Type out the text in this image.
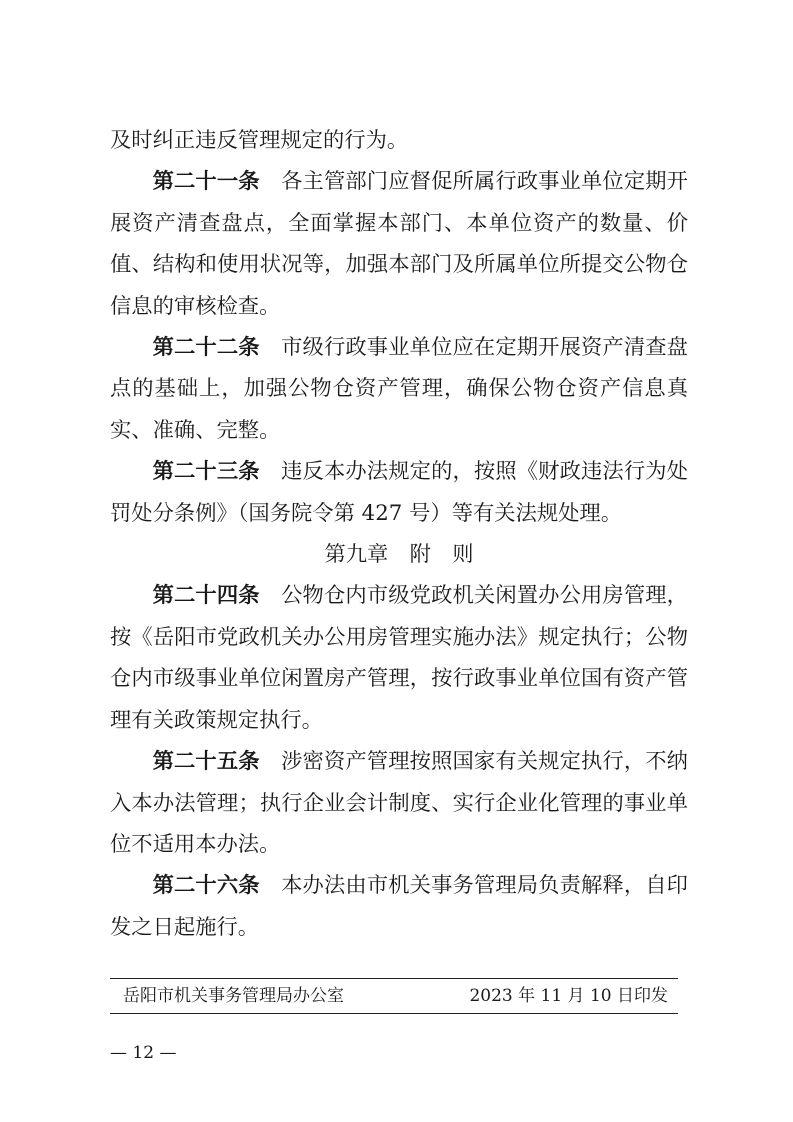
及时纠正违反管理规定的行为。

第二十一条 各主管部门应督促所属行政事业单位定期开展资产清查盘点，全面掌握本部门、本单位资产的数量、价值、结构和使用状况等，加强本部门及所属单位所提交公物仓信息的审核检查。

第二十二条 市级行政事业单位应在定期开展资产清查盘点的基础上，加强公物仓资产管理，确保公物仓资产信息真实、准确、完整。

第二十三条 违反本办法规定的，按照《财政违法行为处罚处分条例》（国务院令第 427 号）等有关法规处理。

第九章 附　则

第二十四条 公物仓内市级党政机关闲置办公用房管理，按《岳阳市党政机关办公用房管理实施办法》规定执行；公物仓内市级事业单位闲置房产管理，按行政事业单位国有资产管理有关政策规定执行。

第二十五条 涉密资产管理按照国家有关规定执行，不纳入本办法管理；执行企业会计制度、实行企业化管理的事业单位不适用本办法。

第二十六条 本办法由市机关事务管理局负责解释，自印发之日起施行。

岳阳市机关事务管理局办公室	2023 年 11 月 10 日印发
— 12 —
